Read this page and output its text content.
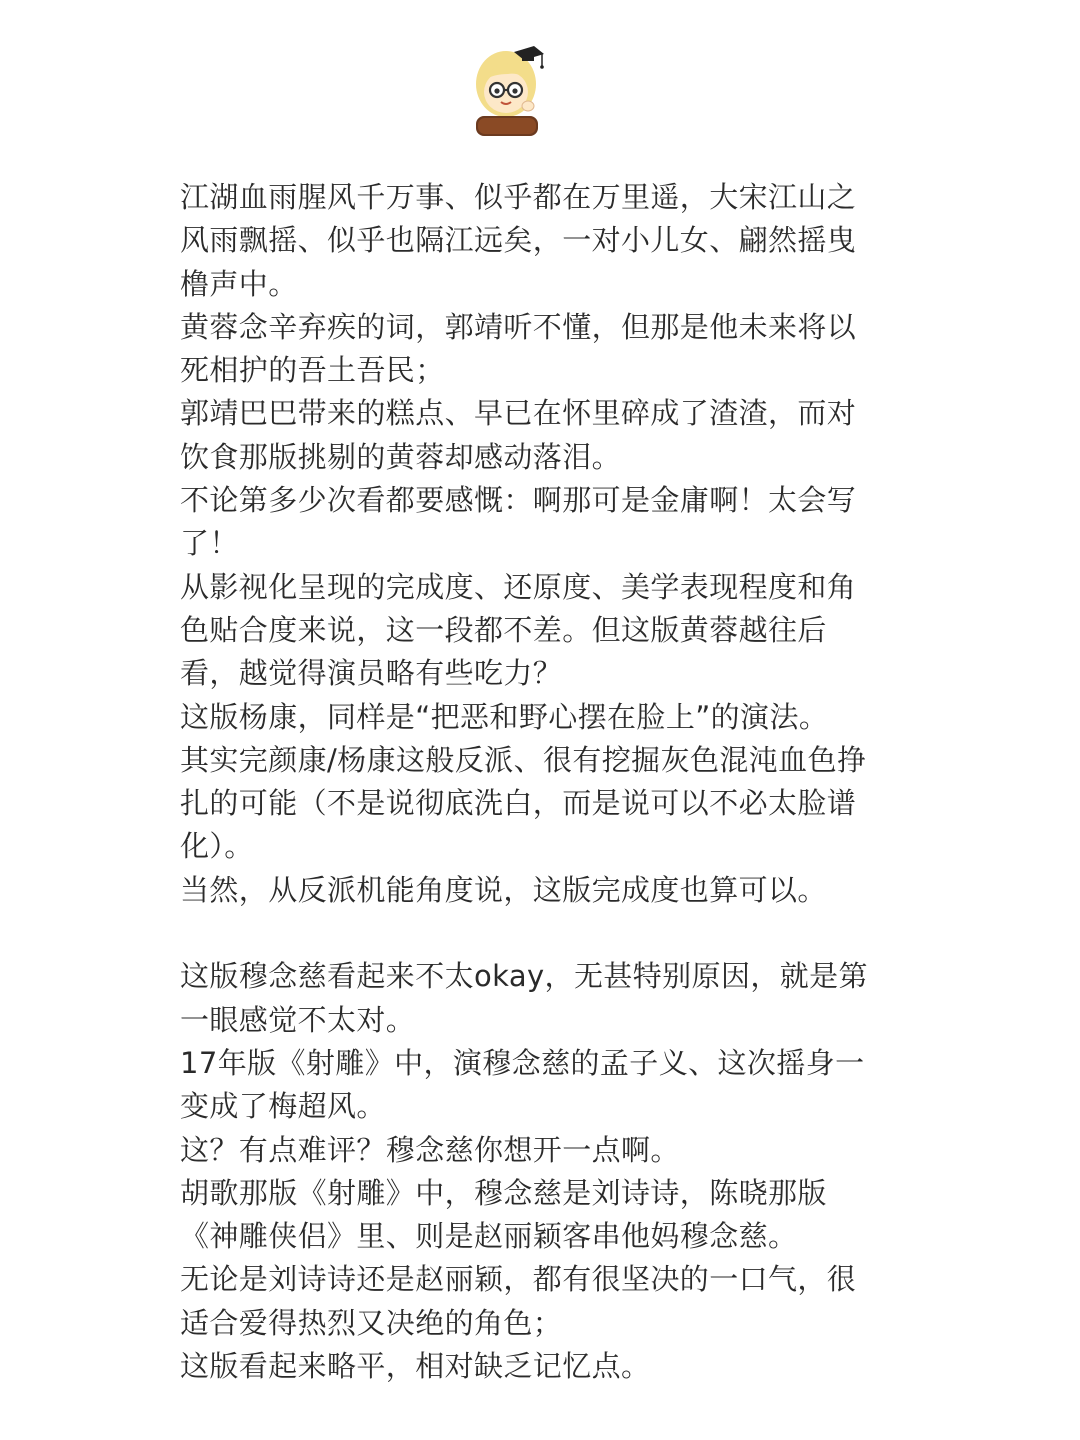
江湖血雨腥风千万事、似乎都在万里遥，大宋江山之风雨飘摇、似乎也隔江远矣，一对小儿女、翩然摇曳橹声中。

黄蓉念辛弃疾的词，郭靖听不懂，但那是他未来将以死相护的吾土吾民；

郭靖巴巴带来的糕点、早已在怀里碎成了渣渣，而对饮食那版挑剔的黄蓉却感动落泪。

不论第多少次看都要感慨：啊那可是金庸啊！太会写了！

从影视化呈现的完成度、还原度、美学表现程度和角色贴合度来说，这一段都不差。但这版黄蓉越往后看，越觉得演员略有些吃力？

这版杨康，同样是“把恶和野心摆在脸上”的演法。

其实完颜康/杨康这般反派、很有挖掘灰色混沌血色挣扎的可能（不是说彻底洗白，而是说可以不必太脸谱化）。

当然，从反派机能角度说，这版完成度也算可以。

这版穆念慈看起来不太okay，无甚特别原因，就是第一眼感觉不太对。

17年版《射雕》中，演穆念慈的孟子义、这次摇身一变成了梅超风。

这？有点难评？穆念慈你想开一点啊。

胡歌那版《射雕》中，穆念慈是刘诗诗，陈晓那版《神雕侠侣》里、则是赵丽颖客串他妈穆念慈。

无论是刘诗诗还是赵丽颖，都有很坚决的一口气，很适合爱得热烈又决绝的角色；

这版看起来略平，相对缺乏记忆点。
